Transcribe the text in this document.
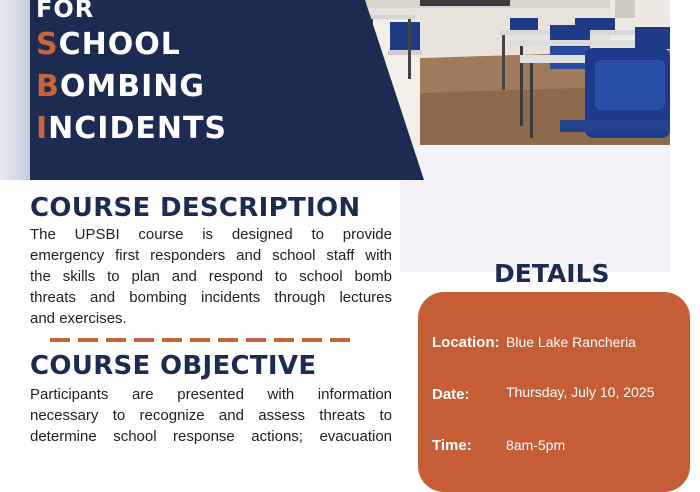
FOR
SCHOOL
BOMBING
INCIDENTS
COURSE DESCRIPTION

The UPSBI course is designed to provide

emergency first responders and school staff with

the skills to plan and respond to school bomb

threats and bombing incidents through lectures

and exercises.

COURSE OBJECTIVE

Participants are presented with information

necessary to recognize and assess threats to

determine school response actions; evacuation

DETAILS
Location: Blue Lake Rancheria
Date:	Thursday, July 10, 2025
Time: 8am-5pm
